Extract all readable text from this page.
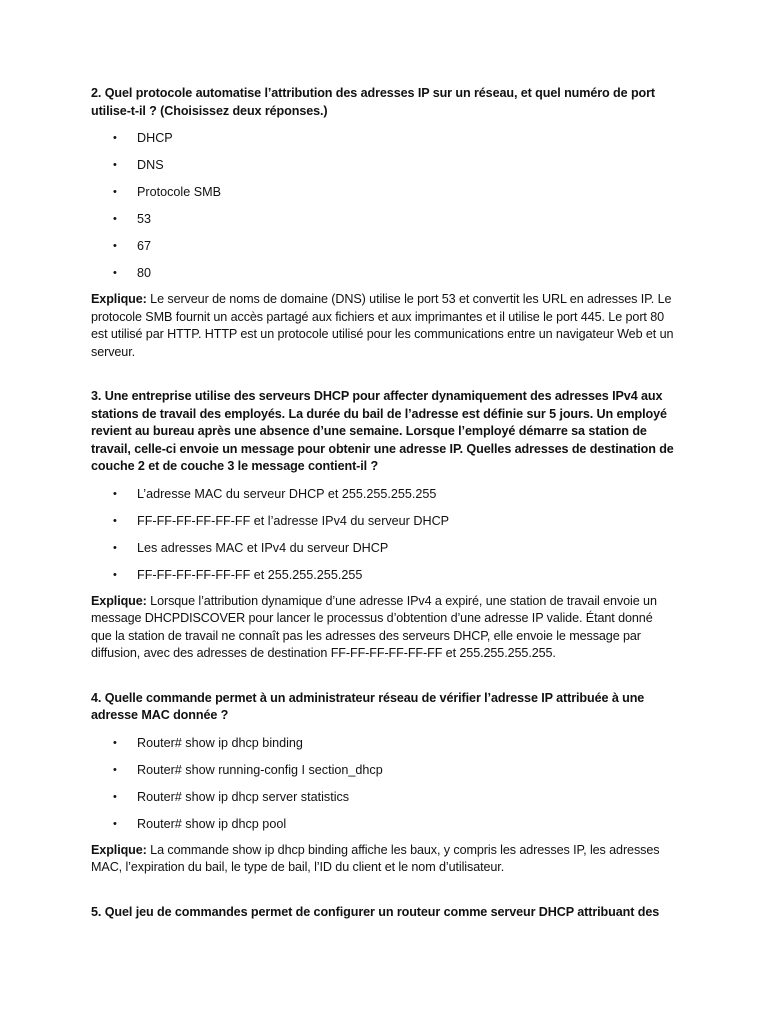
2. Quel protocole automatise l’attribution des adresses IP sur un réseau, et quel numéro de port utilise-t-il ? (Choisissez deux réponses.)

• DHCP
• DNS
• Protocole SMB
• 53
• 67
• 80

Explique: Le serveur de noms de domaine (DNS) utilise le port 53 et convertit les URL en adresses IP. Le protocole SMB fournit un accès partagé aux fichiers et aux imprimantes et il utilise le port 445. Le port 80 est utilisé par HTTP. HTTP est un protocole utilisé pour les communications entre un navigateur Web et un serveur.

3. Une entreprise utilise des serveurs DHCP pour affecter dynamiquement des adresses IPv4 aux stations de travail des employés. La durée du bail de l’adresse est définie sur 5 jours. Un employé revient au bureau après une absence d’une semaine. Lorsque l’employé démarre sa station de travail, celle-ci envoie un message pour obtenir une adresse IP. Quelles adresses de destination de couche 2 et de couche 3 le message contient-il ?

• L’adresse MAC du serveur DHCP et 255.255.255.255
• FF-FF-FF-FF-FF-FF et l’adresse IPv4 du serveur DHCP
• Les adresses MAC et IPv4 du serveur DHCP
• FF-FF-FF-FF-FF-FF et 255.255.255.255

Explique: Lorsque l’attribution dynamique d’une adresse IPv4 a expiré, une station de travail envoie un message DHCPDISCOVER pour lancer le processus d’obtention d’une adresse IP valide. Étant donné que la station de travail ne connaît pas les adresses des serveurs DHCP, elle envoie le message par diffusion, avec des adresses de destination FF-FF-FF-FF-FF-FF et 255.255.255.255.

4. Quelle commande permet à un administrateur réseau de vérifier l’adresse IP attribuée à une adresse MAC donnée ?

• Router# show ip dhcp binding
• Router# show running-config I section_dhcp
• Router# show ip dhcp server statistics
• Router# show ip dhcp pool

Explique: La commande show ip dhcp binding affiche les baux, y compris les adresses IP, les adresses MAC, l’expiration du bail, le type de bail, l’ID du client et le nom d’utilisateur.

5. Quel jeu de commandes permet de configurer un routeur comme serveur DHCP attribuant des
